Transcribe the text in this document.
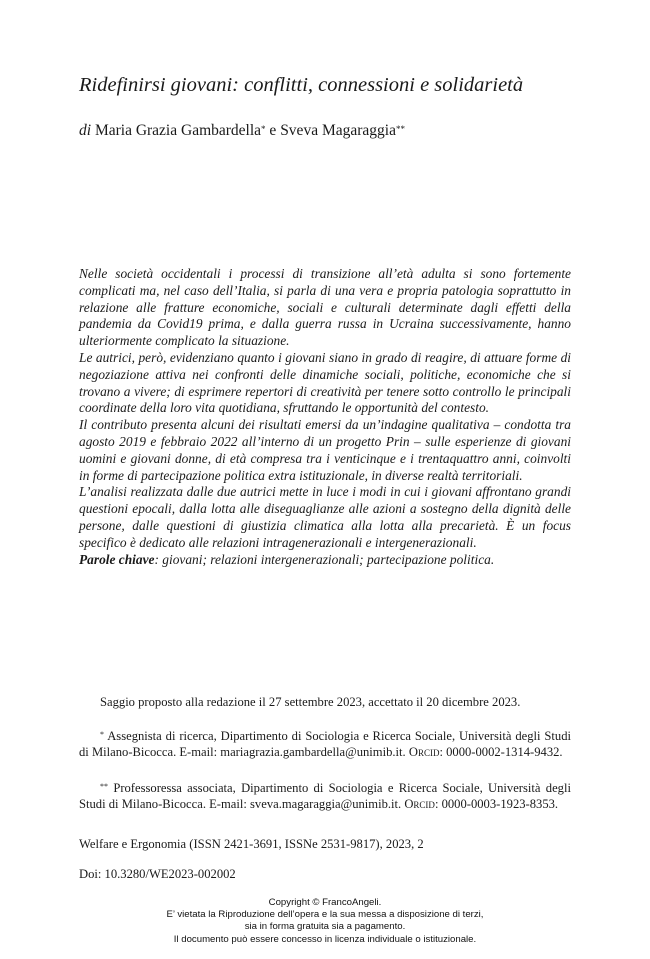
Ridefinirsi giovani: conflitti, connessioni e solidarietà
di Maria Grazia Gambardella* e Sveva Magaraggia**

Nelle società occidentali i processi di transizione all’età adulta si sono fortemente complicati ma, nel caso dell’Italia, si parla di una vera e propria patologia soprattutto in relazione alle fratture economiche, sociali e culturali determinate dagli effetti della pandemia da Covid19 prima, e dalla guerra russa in Ucraina successivamente, hanno ulteriormente complicato la situazione.

Le autrici, però, evidenziano quanto i giovani siano in grado di reagire, di attuare forme di negoziazione attiva nei confronti delle dinamiche sociali, politiche, economiche che si trovano a vivere; di esprimere repertori di creatività per tenere sotto controllo le principali coordinate della loro vita quotidiana, sfruttando le opportunità del contesto.

Il contributo presenta alcuni dei risultati emersi da un’indagine qualitativa – condotta tra agosto 2019 e febbraio 2022 all’interno di un progetto Prin – sulle esperienze di giovani uomini e giovani donne, di età compresa tra i venticinque e i trentaquattro anni, coinvolti in forme di partecipazione politica extra istituzionale, in diverse realtà territoriali.

L’analisi realizzata dalle due autrici mette in luce i modi in cui i giovani affrontano grandi questioni epocali, dalla lotta alle diseguaglianze alle azioni a sostegno della dignità delle persone, dalle questioni di giustizia climatica alla lotta alla precarietà. È un focus specifico è dedicato alle relazioni intragenerazionali e intergenerazionali.

Parole chiave: giovani; relazioni intergenerazionali; partecipazione politica.

Saggio proposto alla redazione il 27 settembre 2023, accettato il 20 dicembre 2023.
* Assegnista di ricerca, Dipartimento di Sociologia e Ricerca Sociale, Università degli Studi di Milano-Bicocca. E-mail: mariagrazia.gambardella@unimib.it. Orcid: 0000-0002-1314-9432.
** Professoressa associata, Dipartimento di Sociologia e Ricerca Sociale, Università degli Studi di Milano-Bicocca. E-mail: sveva.magaraggia@unimib.it. Orcid: 0000-0003-1923-8353.
Welfare e Ergonomia (ISSN 2421-3691, ISSNe 2531-9817), 2023, 2
Doi: 10.3280/WE2023-002002
Copyright © FrancoAngeli.
E’ vietata la Riproduzione dell’opera e la sua messa a disposizione di terzi,
sia in forma gratuita sia a pagamento.
Il documento può essere concesso in licenza individuale o istituzionale.
